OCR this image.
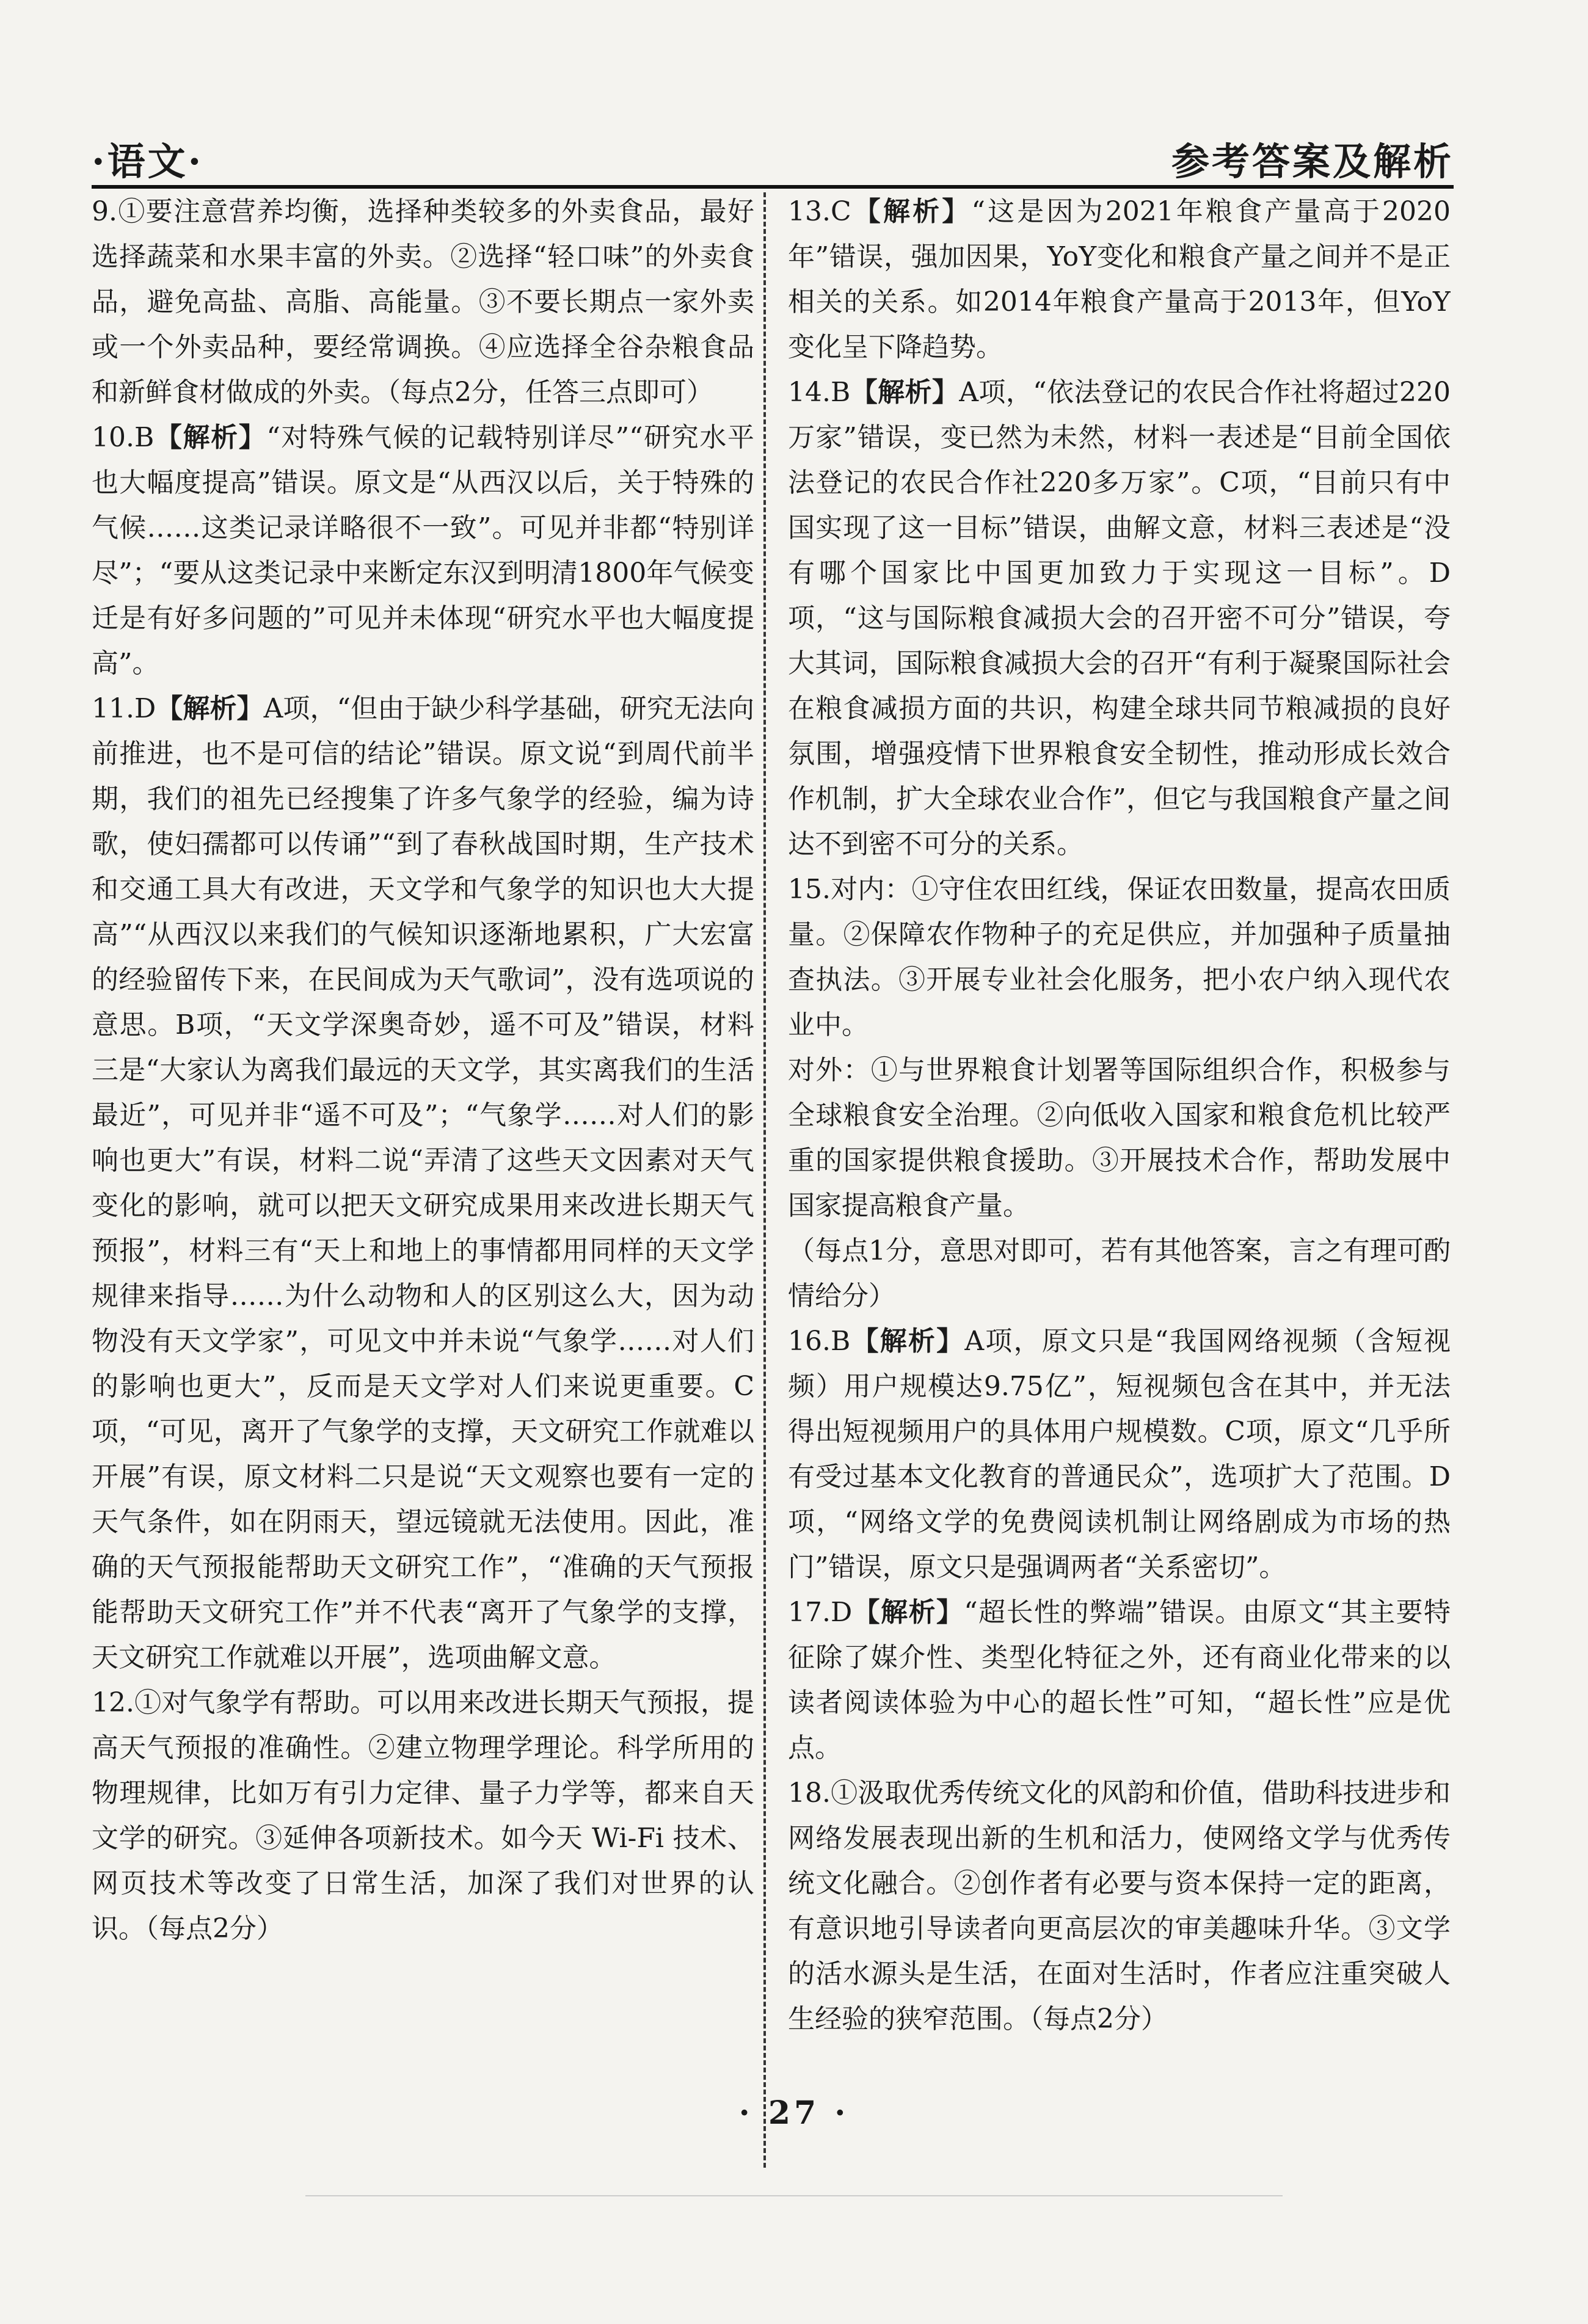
·语文·	参考答案及解析

9.①要注意营养均衡，选择种类较多的外卖食品，最好选择蔬菜和水果丰富的外卖。②选择“轻口味”的外卖食品，避免高盐、高脂、高能量。③不要长期点一家外卖或一个外卖品种，要经常调换。④应选择全谷杂粮食品和新鲜食材做成的外卖。（每点2分，任答三点即可）

10.B【解析】“对特殊气候的记载特别详尽”“研究水平也大幅度提高”错误。原文是“从西汉以后，关于特殊的气候……这类记录详略很不一致”。可见并非都“特别详尽”；“要从这类记录中来断定东汉到明清1800年气候变迁是有好多问题的”可见并未体现“研究水平也大幅度提高”。

11.D【解析】A项，“但由于缺少科学基础，研究无法向前推进，也不是可信的结论”错误。原文说“到周代前半期，我们的祖先已经搜集了许多气象学的经验，编为诗歌，使妇孺都可以传诵”“到了春秋战国时期，生产技术和交通工具大有改进，天文学和气象学的知识也大大提高”“从西汉以来我们的气候知识逐渐地累积，广大宏富的经验留传下来，在民间成为天气歌词”，没有选项说的意思。B项，“天文学深奥奇妙，遥不可及”错误，材料三是“大家认为离我们最远的天文学，其实离我们的生活最近”，可见并非“遥不可及”；“气象学……对人们的影响也更大”有误，材料二说“弄清了这些天文因素对天气变化的影响，就可以把天文研究成果用来改进长期天气预报”，材料三有“天上和地上的事情都用同样的天文学规律来指导……为什么动物和人的区别这么大，因为动物没有天文学家”，可见文中并未说“气象学……对人们的影响也更大”，反而是天文学对人们来说更重要。C项，“可见，离开了气象学的支撑，天文研究工作就难以开展”有误，原文材料二只是说“天文观察也要有一定的天气条件，如在阴雨天，望远镜就无法使用。因此，准确的天气预报能帮助天文研究工作”，“准确的天气预报能帮助天文研究工作”并不代表“离开了气象学的支撑，天文研究工作就难以开展”，选项曲解文意。

12.①对气象学有帮助。可以用来改进长期天气预报，提高天气预报的准确性。②建立物理学理论。科学所用的物理规律，比如万有引力定律、量子力学等，都来自天文学的研究。③延伸各项新技术。如今天 Wi-Fi 技术、网页技术等改变了日常生活，加深了我们对世界的认识。（每点2分）

13.C【解析】“这是因为2021年粮食产量高于2020年”错误，强加因果，YoY变化和粮食产量之间并不是正相关的关系。如2014年粮食产量高于2013年，但YoY变化呈下降趋势。

14.B【解析】A项，“依法登记的农民合作社将超过220万家”错误，变已然为未然，材料一表述是“目前全国依法登记的农民合作社220多万家”。C项，“目前只有中国实现了这一目标”错误，曲解文意，材料三表述是“没有哪个国家比中国更加致力于实现这一目标”。D项，“这与国际粮食减损大会的召开密不可分”错误，夸大其词，国际粮食减损大会的召开“有利于凝聚国际社会在粮食减损方面的共识，构建全球共同节粮减损的良好氛围，增强疫情下世界粮食安全韧性，推动形成长效合作机制，扩大全球农业合作”，但它与我国粮食产量之间达不到密不可分的关系。

15.对内：①守住农田红线，保证农田数量，提高农田质量。②保障农作物种子的充足供应，并加强种子质量抽查执法。③开展专业社会化服务，把小农户纳入现代农业中。

对外：①与世界粮食计划署等国际组织合作，积极参与全球粮食安全治理。②向低收入国家和粮食危机比较严重的国家提供粮食援助。③开展技术合作，帮助发展中国家提高粮食产量。

（每点1分，意思对即可，若有其他答案，言之有理可酌情给分）

16.B【解析】A项，原文只是“我国网络视频（含短视频）用户规模达9.75亿”，短视频包含在其中，并无法得出短视频用户的具体用户规模数。C项，原文“几乎所有受过基本文化教育的普通民众”，选项扩大了范围。D项，“网络文学的免费阅读机制让网络剧成为市场的热门”错误，原文只是强调两者“关系密切”。

17.D【解析】“超长性的弊端”错误。由原文“其主要特征除了媒介性、类型化特征之外，还有商业化带来的以读者阅读体验为中心的超长性”可知，“超长性”应是优点。

18.①汲取优秀传统文化的风韵和价值，借助科技进步和网络发展表现出新的生机和活力，使网络文学与优秀传统文化融合。②创作者有必要与资本保持一定的距离，有意识地引导读者向更高层次的审美趣味升华。③文学的活水源头是生活，在面对生活时，作者应注重突破人生经验的狭窄范围。（每点2分）

· 27 ·
